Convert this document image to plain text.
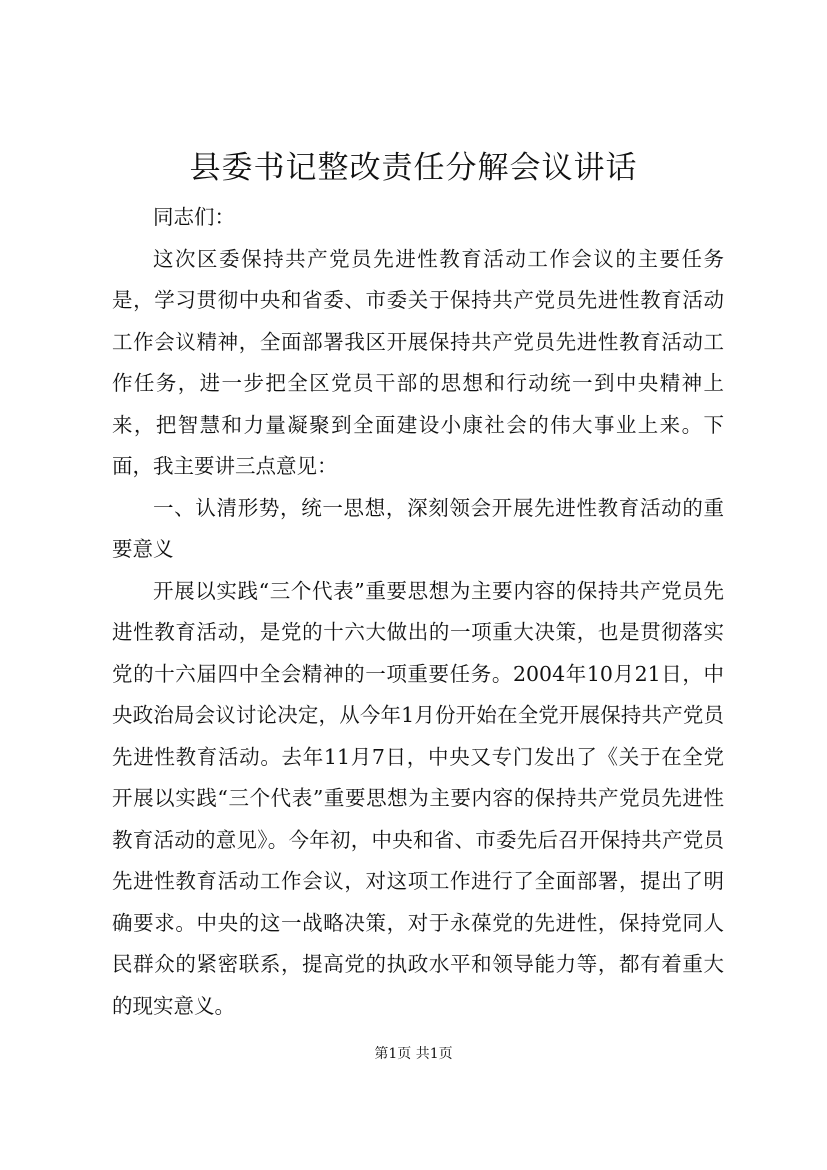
县委书记整改责任分解会议讲话

同志们：

这次区委保持共产党员先进性教育活动工作会议的主要任务是，学习贯彻中央和省委、市委关于保持共产党员先进性教育活动工作会议精神，全面部署我区开展保持共产党员先进性教育活动工作任务，进一步把全区党员干部的思想和行动统一到中央精神上来，把智慧和力量凝聚到全面建设小康社会的伟大事业上来。下面，我主要讲三点意见：

一、认清形势，统一思想，深刻领会开展先进性教育活动的重要意义

开展以实践“三个代表”重要思想为主要内容的保持共产党员先进性教育活动，是党的十六大做出的一项重大决策，也是贯彻落实党的十六届四中全会精神的一项重要任务。2004年10月21日，中央政治局会议讨论决定，从今年1月份开始在全党开展保持共产党员先进性教育活动。去年11月7日，中央又专门发出了《关于在全党开展以实践“三个代表”重要思想为主要内容的保持共产党员先进性教育活动的意见》。今年初，中央和省、市委先后召开保持共产党员先进性教育活动工作会议，对这项工作进行了全面部署，提出了明确要求。中央的这一战略决策，对于永葆党的先进性，保持党同人民群众的紧密联系，提高党的执政水平和领导能力等，都有着重大的现实意义。

第1页 共1页
